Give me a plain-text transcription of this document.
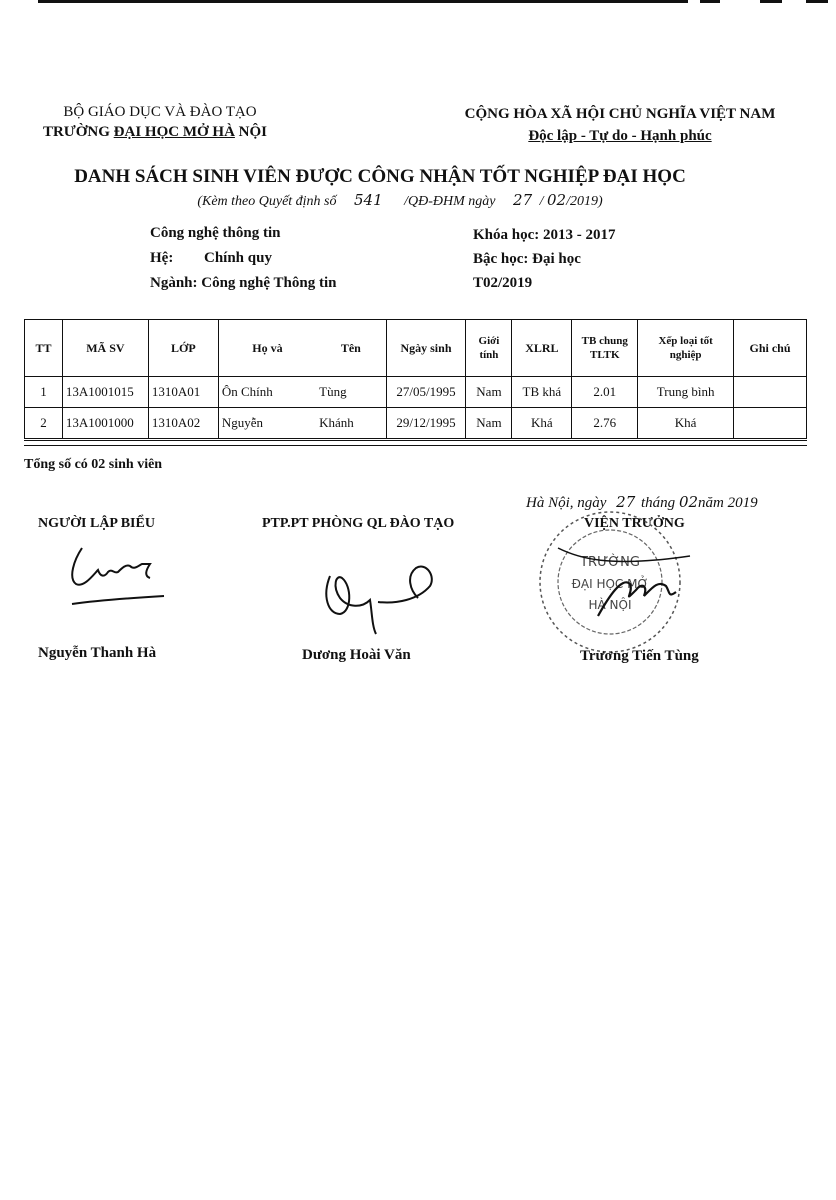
BỘ GIÁO DỤC VÀ ĐÀO TẠO
TRƯỜNG ĐẠI HỌC MỞ HÀ NỘI
CỘNG HÒA XÃ HỘI CHỦ NGHĨA VIỆT NAM
Độc lập - Tự do - Hạnh phúc
DANH SÁCH SINH VIÊN ĐƯỢC CÔNG NHẬN TỐT NGHIỆP ĐẠI HỌC
(Kèm theo Quyết định số 541 /QĐ-ĐHM ngày 27 / 02/2019)
Công nghệ thông tin
Hệ: Chính quy
Ngành: Công nghệ Thông tin
Khóa học: 2013 - 2017
Bậc học: Đại học
T02/2019
TT	MÃ SV	LỚP	Họ và	Tên	Ngày sinh	Giới tính	XLRL	TB chung TLTK	Xếp loại tốt nghiệp	Ghi chú
1	13A1001015	1310A01	Ôn Chính	Tùng	27/05/1995	Nam	TB khá	2.01	Trung bình	
2	13A1001000	1310A02	Nguyễn	Khánh	29/12/1995	Nam	Khá	2.76	Khá	
Tổng số có 02 sinh viên
Hà Nội, ngày 27 tháng 02năm 2019
NGƯỜI LẬP BIỂU	PTP.PT PHÒNG QL ĐÀO TẠO	VIỆN TRƯỞNG
TRƯỜNG
ĐẠI HỌC MỞ
HÀ NỘI
Nguyễn Thanh Hà	Dương Hoài Văn	Trương Tiến Tùng
